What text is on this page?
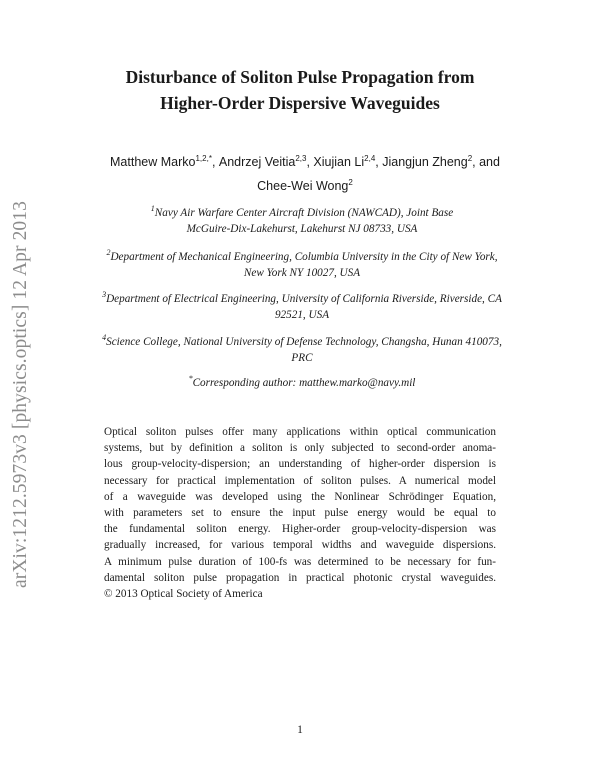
arXiv:1212.5973v3 [physics.optics] 12 Apr 2013
Disturbance of Soliton Pulse Propagation from
Higher-Order Dispersive Waveguides
Matthew Marko$^{1,2,*}$, Andrzej Veitia$^{2,3}$, Xiujian Li$^{2,4}$, Jiangjun Zheng$^2$, and
Chee-Wei Wong$^2$
$^1$Navy Air Warfare Center Aircraft Division (NAWCAD), Joint Base
McGuire-Dix-Lakehurst, Lakehurst NJ 08733, USA
$^2$Department of Mechanical Engineering, Columbia University in the City of New York,
New York NY 10027, USA
$^3$Department of Electrical Engineering, University of California Riverside, Riverside, CA
92521, USA
$^4$Science College, National University of Defense Technology, Changsha, Hunan 410073,
PRC
*Corresponding author: matthew.marko@navy.mil
Optical soliton pulses offer many applications within optical communication
systems, but by definition a soliton is only subjected to second-order anoma-
lous group-velocity-dispersion; an understanding of higher-order dispersion is
necessary for practical implementation of soliton pulses. A numerical model
of a waveguide was developed using the Nonlinear Schrödinger Equation,
with parameters set to ensure the input pulse energy would be equal to
the fundamental soliton energy. Higher-order group-velocity-dispersion was
gradually increased, for various temporal widths and waveguide dispersions.
A minimum pulse duration of 100-fs was determined to be necessary for fun-
damental soliton pulse propagation in practical photonic crystal waveguides.
© 2013 Optical Society of America
1
